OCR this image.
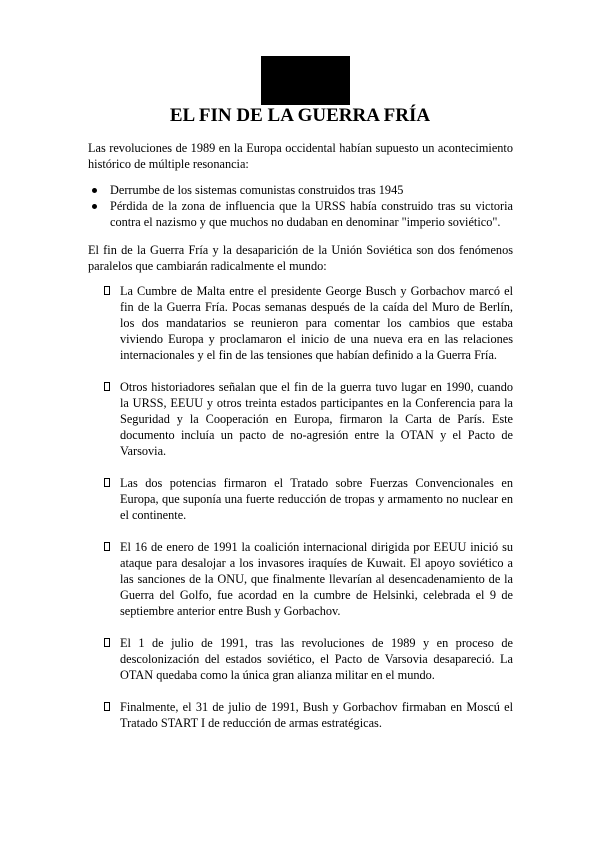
EL FIN DE LA GUERRA FRÍA

Las revoluciones de 1989 en la Europa occidental habían supuesto un acontecimiento histórico de múltiple resonancia:

Derrumbe de los sistemas comunistas construidos tras 1945
Pérdida de la zona de influencia que la URSS había construido tras su victoria contra el nazismo y que muchos no dudaban en denominar "imperio soviético".

El fin de la Guerra Fría y la desaparición de la Unión Soviética son dos fenómenos paralelos que cambiarán radicalmente el mundo:

La Cumbre de Malta entre el presidente George Busch y Gorbachov marcó el fin de la Guerra Fría. Pocas semanas después de la caída del Muro de Berlín, los dos mandatarios se reunieron para comentar los cambios que estaba viviendo Europa y proclamaron el inicio de una nueva era en las relaciones internacionales y el fin de las tensiones que habían definido a la Guerra Fría.
Otros historiadores señalan que el fin de la guerra tuvo lugar en 1990, cuando la URSS, EEUU y otros treinta estados participantes en la Conferencia para la Seguridad y la Cooperación en Europa, firmaron la Carta de París. Este documento incluía un pacto de no-agresión entre la OTAN y el Pacto de Varsovia.
Las dos potencias firmaron el Tratado sobre Fuerzas Convencionales en Europa, que suponía una fuerte reducción de tropas y armamento no nuclear en el continente.
El 16 de enero de 1991 la coalición internacional dirigida por EEUU inició su ataque para desalojar a los invasores iraquíes de Kuwait. El apoyo soviético a las sanciones de la ONU, que finalmente llevarían al desencadenamiento de la Guerra del Golfo, fue acordad en la cumbre de Helsinki, celebrada el 9 de septiembre anterior entre Bush y Gorbachov.
El 1 de julio de 1991, tras las revoluciones de 1989 y en proceso de descolonización del estados soviético, el Pacto de Varsovia desapareció. La OTAN quedaba como la única gran alianza militar en el mundo.
Finalmente, el 31 de julio de 1991, Bush y Gorbachov firmaban en Moscú el Tratado START I de reducción de armas estratégicas.
